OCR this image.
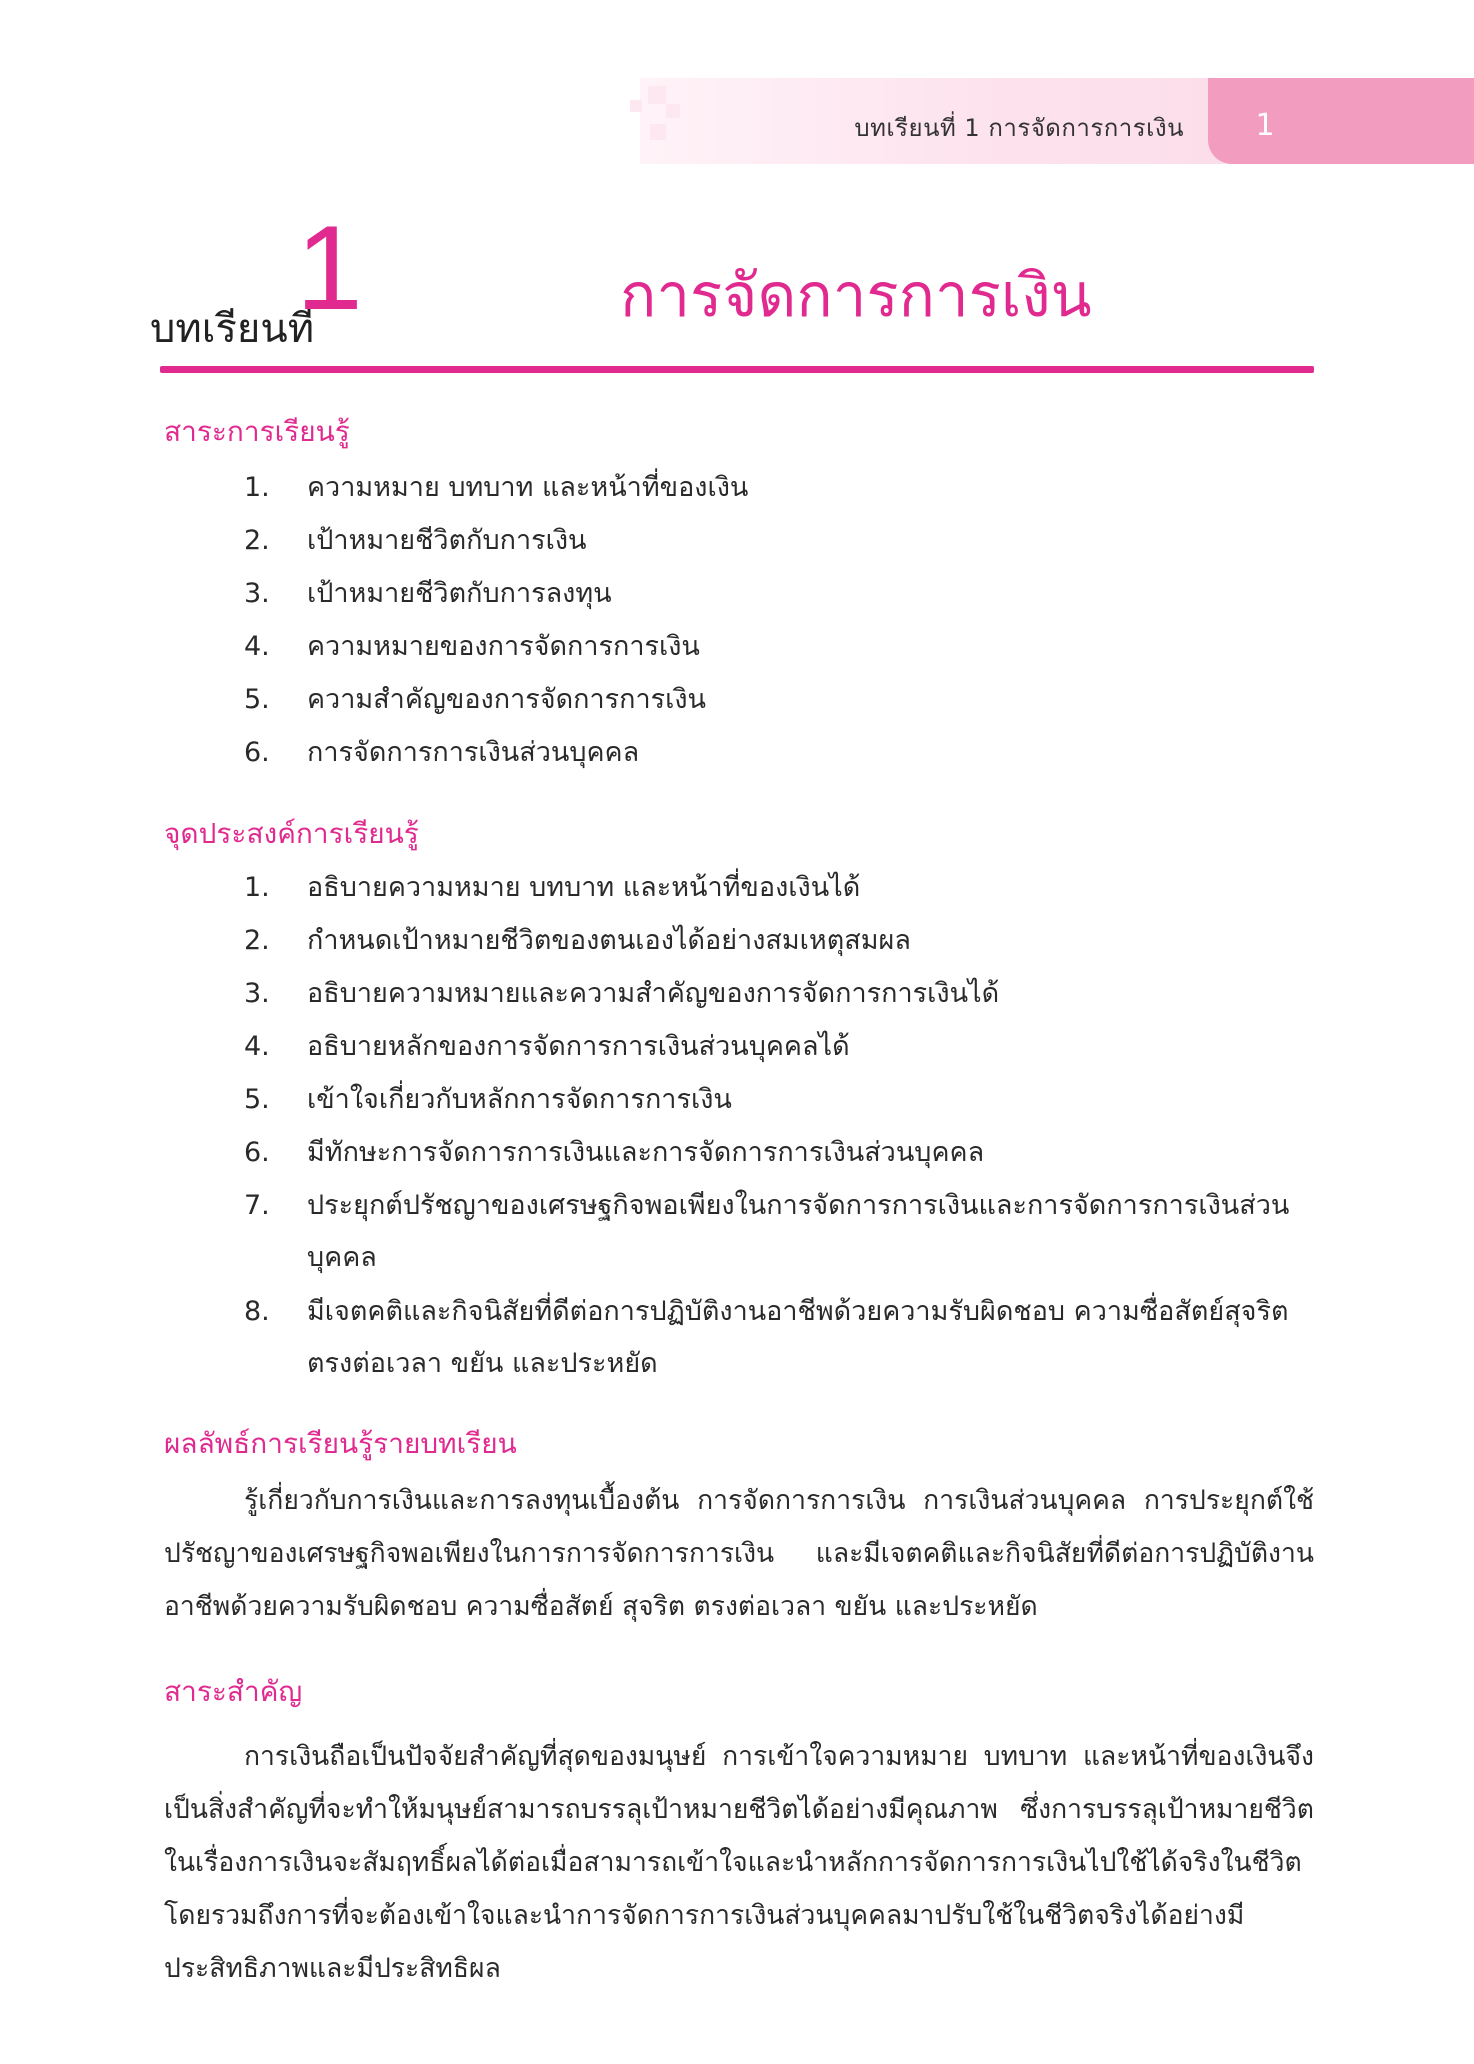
บทเรียนที่ 1 การจัดการการเงิน	1
บทเรียนที่
1	การจัดการการเงิน
สาระการเรียนรู้
1. ความหมาย บทบาท และหน้าที่ของเงิน
2. เป้าหมายชีวิตกับการเงิน
3. เป้าหมายชีวิตกับการลงทุน
4. ความหมายของการจัดการการเงิน
5. ความสำคัญของการจัดการการเงิน
6. การจัดการการเงินส่วนบุคคล
จุดประสงค์การเรียนรู้
1. อธิบายความหมาย บทบาท และหน้าที่ของเงินได้
2. กำหนดเป้าหมายชีวิตของตนเองได้อย่างสมเหตุสมผล
3. อธิบายความหมายและความสำคัญของการจัดการการเงินได้
4. อธิบายหลักของการจัดการการเงินส่วนบุคคลได้
5. เข้าใจเกี่ยวกับหลักการจัดการการเงิน
6. มีทักษะการจัดการการเงินและการจัดการการเงินส่วนบุคคล
7. ประยุกต์ปรัชญาของเศรษฐกิจพอเพียงในการจัดการการเงินและการจัดการการเงินส่วนบุคคล
8. มีเจตคติและกิจนิสัยที่ดีต่อการปฏิบัติงานอาชีพด้วยความรับผิดชอบ ความซื่อสัตย์สุจริต ตรงต่อเวลา ขยัน และประหยัด
ผลลัพธ์การเรียนรู้รายบทเรียน

รู้เกี่ยวกับการเงินและการลงทุนเบื้องต้น การจัดการการเงิน การเงินส่วนบุคคล การประยุกต์ใช้ปรัชญาของเศรษฐกิจพอเพียงในการการจัดการการเงิน และมีเจตคติและกิจนิสัยที่ดีต่อการปฏิบัติงานอาชีพด้วยความรับผิดชอบ ความซื่อสัตย์ สุจริต ตรงต่อเวลา ขยัน และประหยัด

สาระสำคัญ

การเงินถือเป็นปัจจัยสำคัญที่สุดของมนุษย์ การเข้าใจความหมาย บทบาท และหน้าที่ของเงินจึงเป็นสิ่งสำคัญที่จะทำให้มนุษย์สามารถบรรลุเป้าหมายชีวิตได้อย่างมีคุณภาพ ซึ่งการบรรลุเป้าหมายชีวิตในเรื่องการเงินจะสัมฤทธิ์ผลได้ต่อเมื่อสามารถเข้าใจและนำหลักการจัดการการเงินไปใช้ได้จริงในชีวิต โดยรวมถึงการที่จะต้องเข้าใจและนำการจัดการการเงินส่วนบุคคลมาปรับใช้ในชีวิตจริงได้อย่างมีประสิทธิภาพและมีประสิทธิผล
